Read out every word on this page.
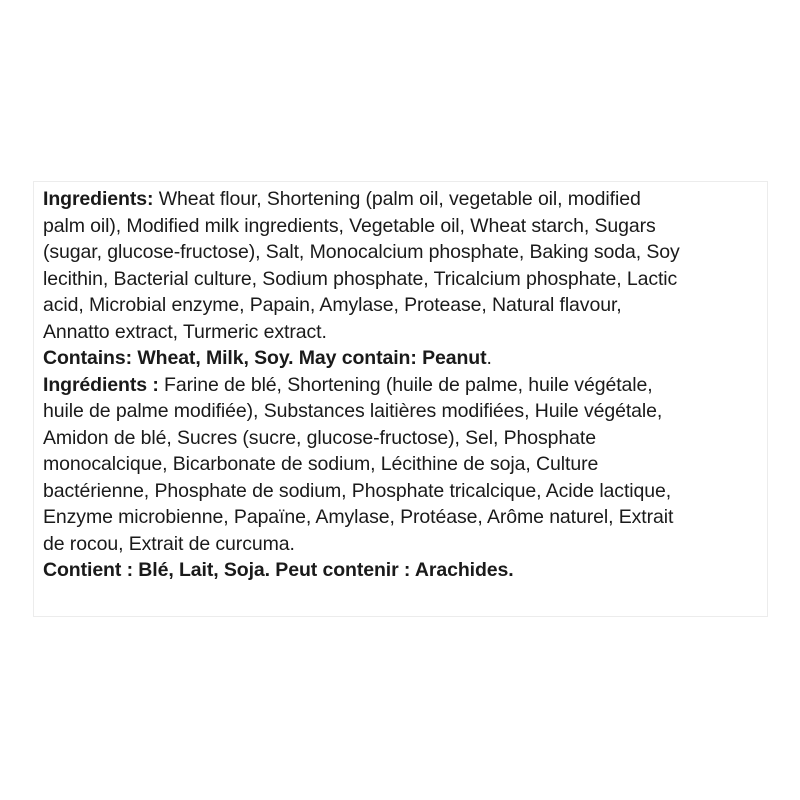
Ingredients: Wheat flour, Shortening (palm oil, vegetable oil, modified
palm oil), Modified milk ingredients, Vegetable oil, Wheat starch, Sugars
(sugar, glucose-fructose), Salt, Monocalcium phosphate, Baking soda, Soy
lecithin, Bacterial culture, Sodium phosphate, Tricalcium phosphate, Lactic
acid, Microbial enzyme, Papain, Amylase, Protease, Natural flavour,
Annatto extract, Turmeric extract.
Contains: Wheat, Milk, Soy. May contain: Peanut.
Ingrédients : Farine de blé, Shortening (huile de palme, huile végétale,
huile de palme modifiée), Substances laitières modifiées, Huile végétale,
Amidon de blé, Sucres (sucre, glucose-fructose), Sel, Phosphate
monocalcique, Bicarbonate de sodium, Lécithine de soja, Culture
bactérienne, Phosphate de sodium, Phosphate tricalcique, Acide lactique,
Enzyme microbienne, Papaïne, Amylase, Protéase, Arôme naturel, Extrait
de rocou, Extrait de curcuma.
Contient : Blé, Lait, Soja. Peut contenir : Arachides.
